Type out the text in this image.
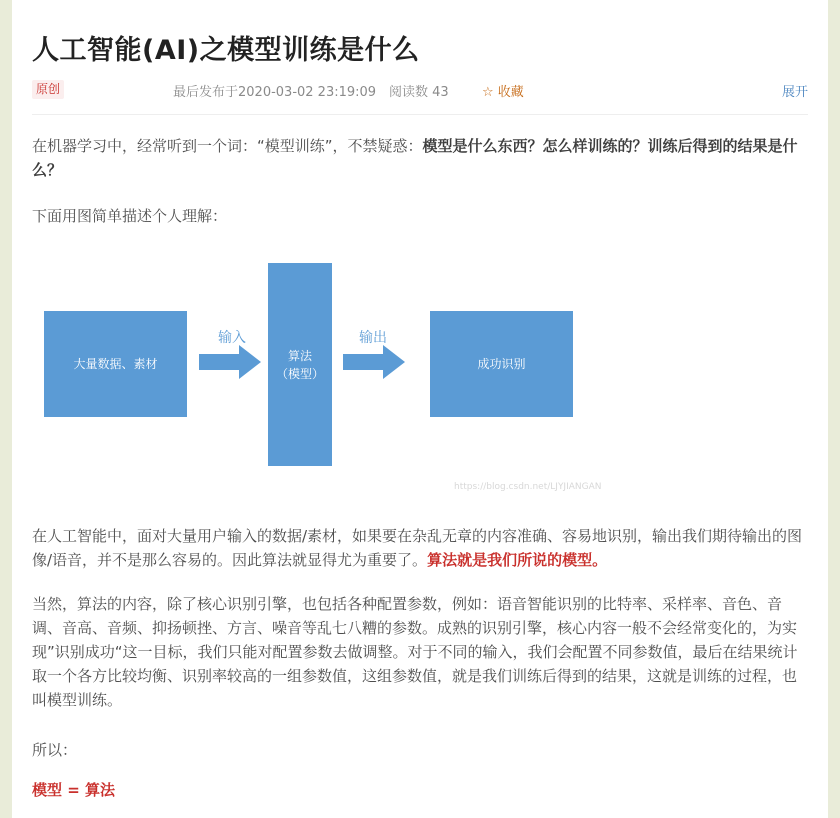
人工智能(AI)之模型训练是什么
原创	最后发布于2020-03-02 23:19:09 阅读数 43	☆ 收藏	展开
在机器学习中，经常听到一个词：“模型训练”，不禁疑惑：模型是什么东西？怎么样训练的？训练后得到的结果是什么？
下面用图简单描述个人理解：
大量数据、素材
输入
算法
（模型）
输出
成功识别
https://blog.csdn.net/LJYJIANGAN
在人工智能中，面对大量用户输入的数据/素材，如果要在杂乱无章的内容准确、容易地识别，输出我们期待输出的图像/语音，并不是那么容易的。因此算法就显得尤为重要了。算法就是我们所说的模型。
当然，算法的内容，除了核心识别引擎，也包括各种配置参数，例如：语音智能识别的比特率、采样率、音色、音调、音高、音频、抑扬顿挫、方言、噪音等乱七八糟的参数。成熟的识别引擎，核心内容一般不会经常变化的，为实现”识别成功“这一目标，我们只能对配置参数去做调整。对于不同的输入，我们会配置不同参数值，最后在结果统计取一个各方比较均衡、识别率较高的一组参数值，这组参数值，就是我们训练后得到的结果，这就是训练的过程，也叫模型训练。
所以：
模型 = 算法
